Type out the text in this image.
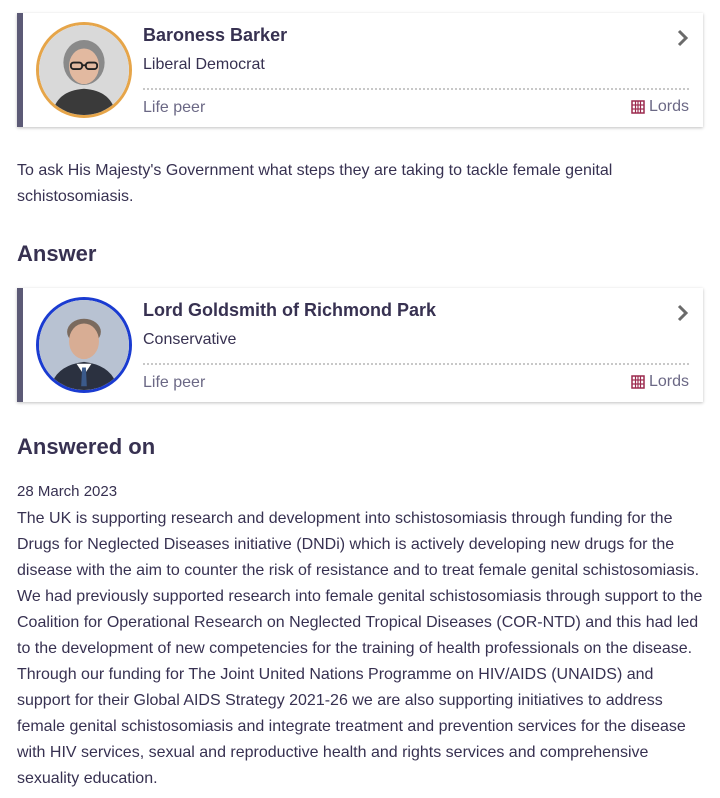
Baroness Barker
Liberal Democrat
Life peer	Lords

To ask His Majesty's Government what steps they are taking to tackle female genital schistosomiasis.

Answer
Lord Goldsmith of Richmond Park
Conservative
Life peer	Lords
Answered on
28 March 2023

The UK is supporting research and development into schistosomiasis through funding for the Drugs for Neglected Diseases initiative (DNDi) which is actively developing new drugs for the disease with the aim to counter the risk of resistance and to treat female genital schistosomiasis. We had previously supported research into female genital schistosomiasis through support to the Coalition for Operational Research on Neglected Tropical Diseases (COR-NTD) and this had led to the development of new competencies for the training of health professionals on the disease. Through our funding for The Joint United Nations Programme on HIV/AIDS (UNAIDS) and support for their Global AIDS Strategy 2021-26 we are also supporting initiatives to address female genital schistosomiasis and integrate treatment and prevention services for the disease with HIV services, sexual and reproductive health and rights services and comprehensive sexuality education.
